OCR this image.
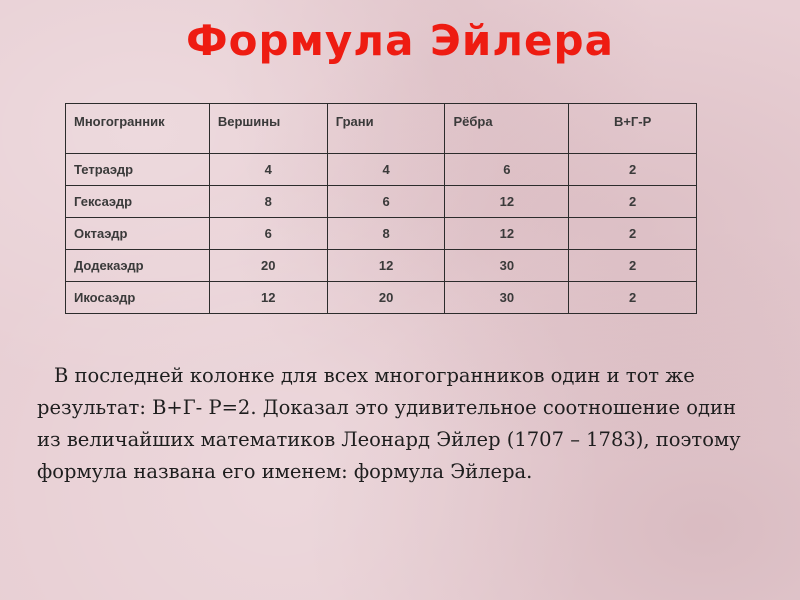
Формула Эйлера
Многогранник	Вершины	Грани	Рёбра	В+Г-Р
Тетраэдр	4	4	6	2
Гексаэдр	8	6	12	2
Октаэдр	6	8	12	2
Додекаэдр	20	12	30	2
Икосаэдр	12	20	30	2

В последней колонке для всех многогранников один и тот же результат: В+Г- Р=2. Доказал это удивительное соотношение один из величайших математиков Леонард Эйлер (1707 – 1783), поэтому формула названа его именем: формула Эйлера.
